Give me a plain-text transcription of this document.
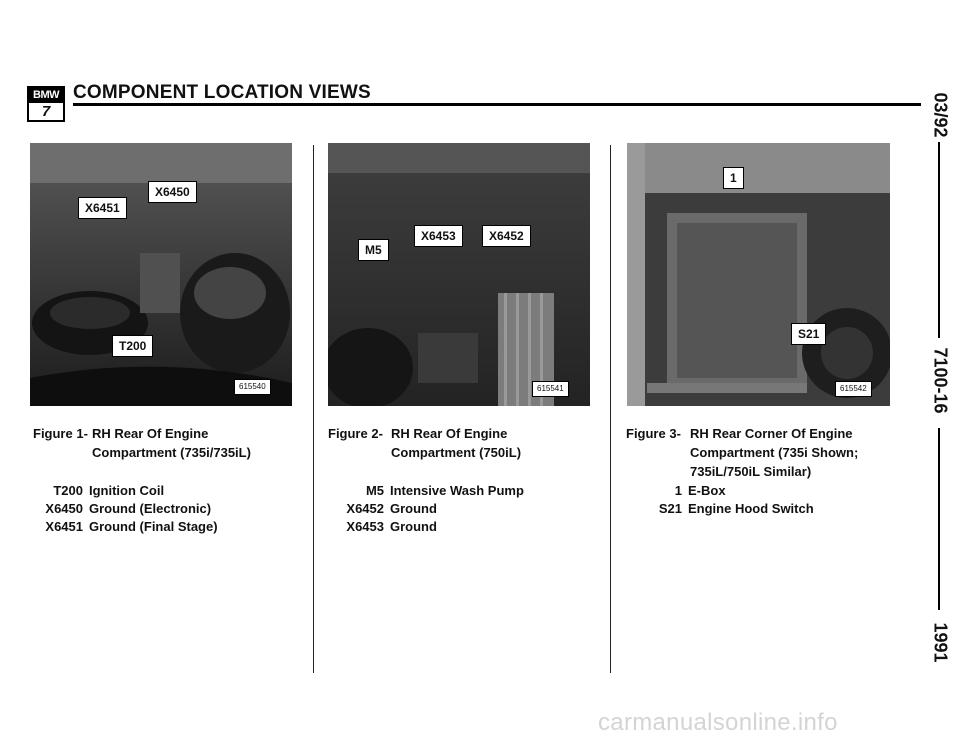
BMW
7
COMPONENT LOCATION VIEWS	03/92
7100-16
1991
X6451
X6450
T200
615540
M5
X6453	X6452
615541
1
S21
615542
Figure 1- RH Rear Of Engine
Compartment (735i/735iL)
Figure 2- RH Rear Of Engine
Compartment (750iL)
Figure 3- RH Rear Corner Of Engine
Compartment (735i Shown;
735iL/750iL Similar)
T200 Ignition Coil
X6450 Ground (Electronic)
X6451 Ground (Final Stage)
M5 Intensive Wash Pump
X6452 Ground
X6453 Ground
1 E-Box
S21 Engine Hood Switch
carmanualsonline.info
